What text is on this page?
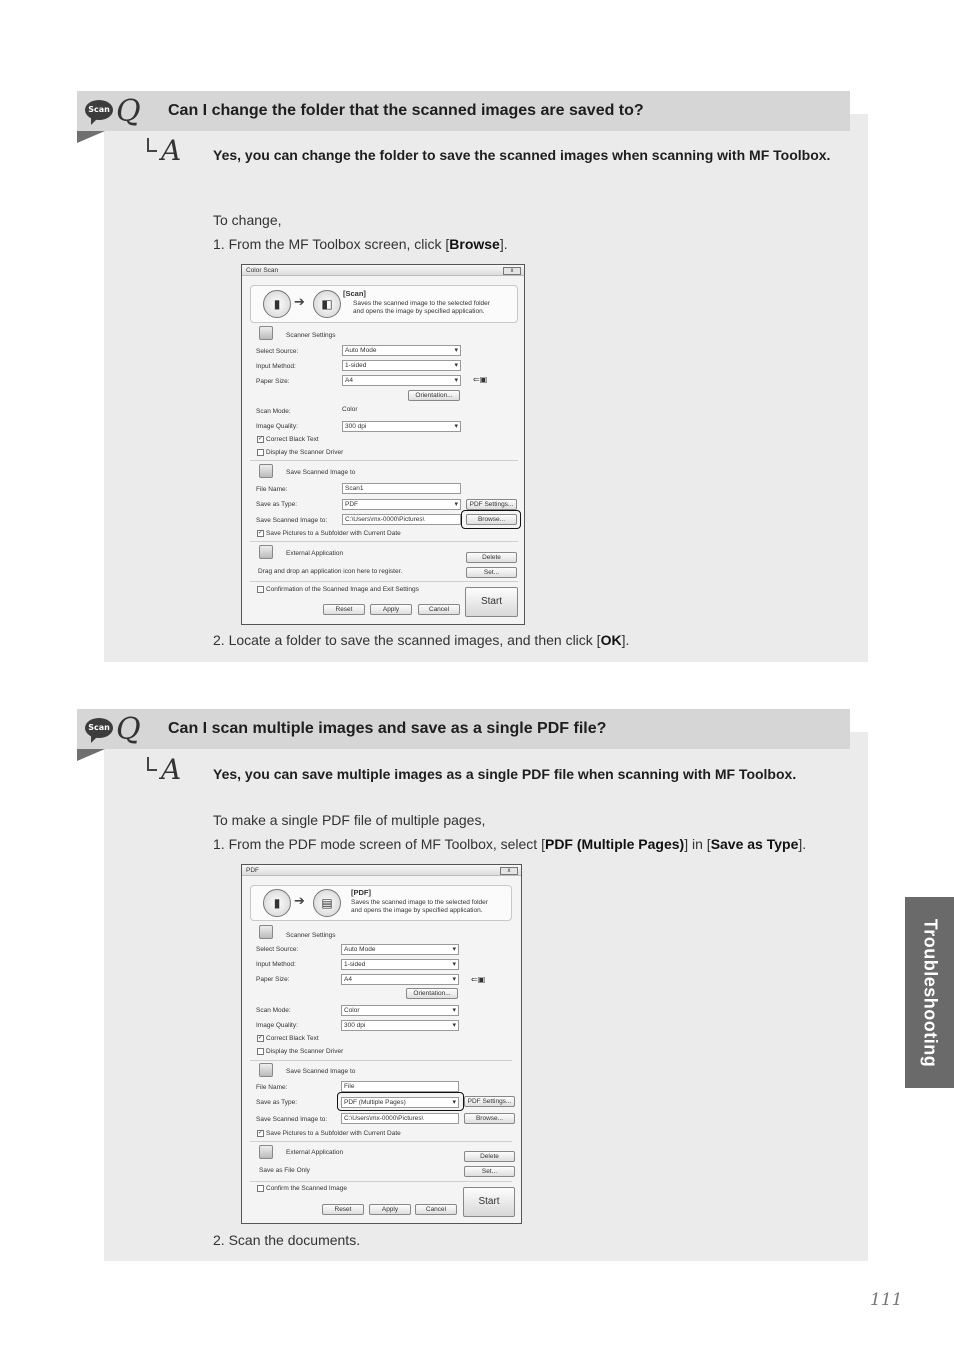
Scan Q Can I change the folder that the scanned images are saved to?
A Yes, you can change the folder to save the scanned images when scanning with MF Toolbox.
To change,
1. From the MF Toolbox screen, click [Browse].
Color Scan	x
▮	➔	◧
[Scan]
Saves the scanned image to the selected folder
and opens the image by specified application.
Scanner Settings
Select Source:	Auto Mode ▾
Input Method:	1-sided ▾
Paper Size:	A4 ▾	⇐▣
Orientation...
Scan Mode:	Color
Image Quality:	300 dpi ▾
✓ Correct Black Text
Display the Scanner Driver
Save Scanned Image to
File Name:	Scan1
Save as Type:	PDF ▾	PDF Settings...
Save Scanned Image to:	C:\Users\mx-0000\Pictures\	Browse...
✓ Save Pictures to a Subfolder with Current Date
External Application
Delete
Drag and drop an application icon here to register.	Set...
Confirmation of the Scanned Image and Exit Settings
Reset	Apply	Cancel
Start
2. Locate a folder to save the scanned images, and then click [OK].
Scan Q Can I scan multiple images and save as a single PDF file?
A Yes, you can save multiple images as a single PDF file when scanning with MF Toolbox.
To make a single PDF file of multiple pages,
1. From the PDF mode screen of MF Toolbox, select [PDF (Multiple Pages)] in [Save as Type].
PDF	x
▮	➔	▤
[PDF]
Saves the scanned image to the selected folder
and opens the image by specified application.
Scanner Settings
Select Source:	Auto Mode ▾
Input Method:	1-sided ▾
Paper Size:	A4 ▾	⇐▣
Orientation...
Scan Mode:	Color ▾
Image Quality:	300 dpi ▾
✓ Correct Black Text
Display the Scanner Driver
Save Scanned Image to
File Name:	File
Save as Type:	PDF (Multiple Pages) ▾	PDF Settings...
Save Scanned Image to:	C:\Users\mx-0000\Pictures\	Browse...
✓ Save Pictures to a Subfolder with Current Date
External Application
Delete
Save as File Only	Set...
Confirm the Scanned Image
Reset	Apply	Cancel
Start
2. Scan the documents.
Troubleshooting
111
